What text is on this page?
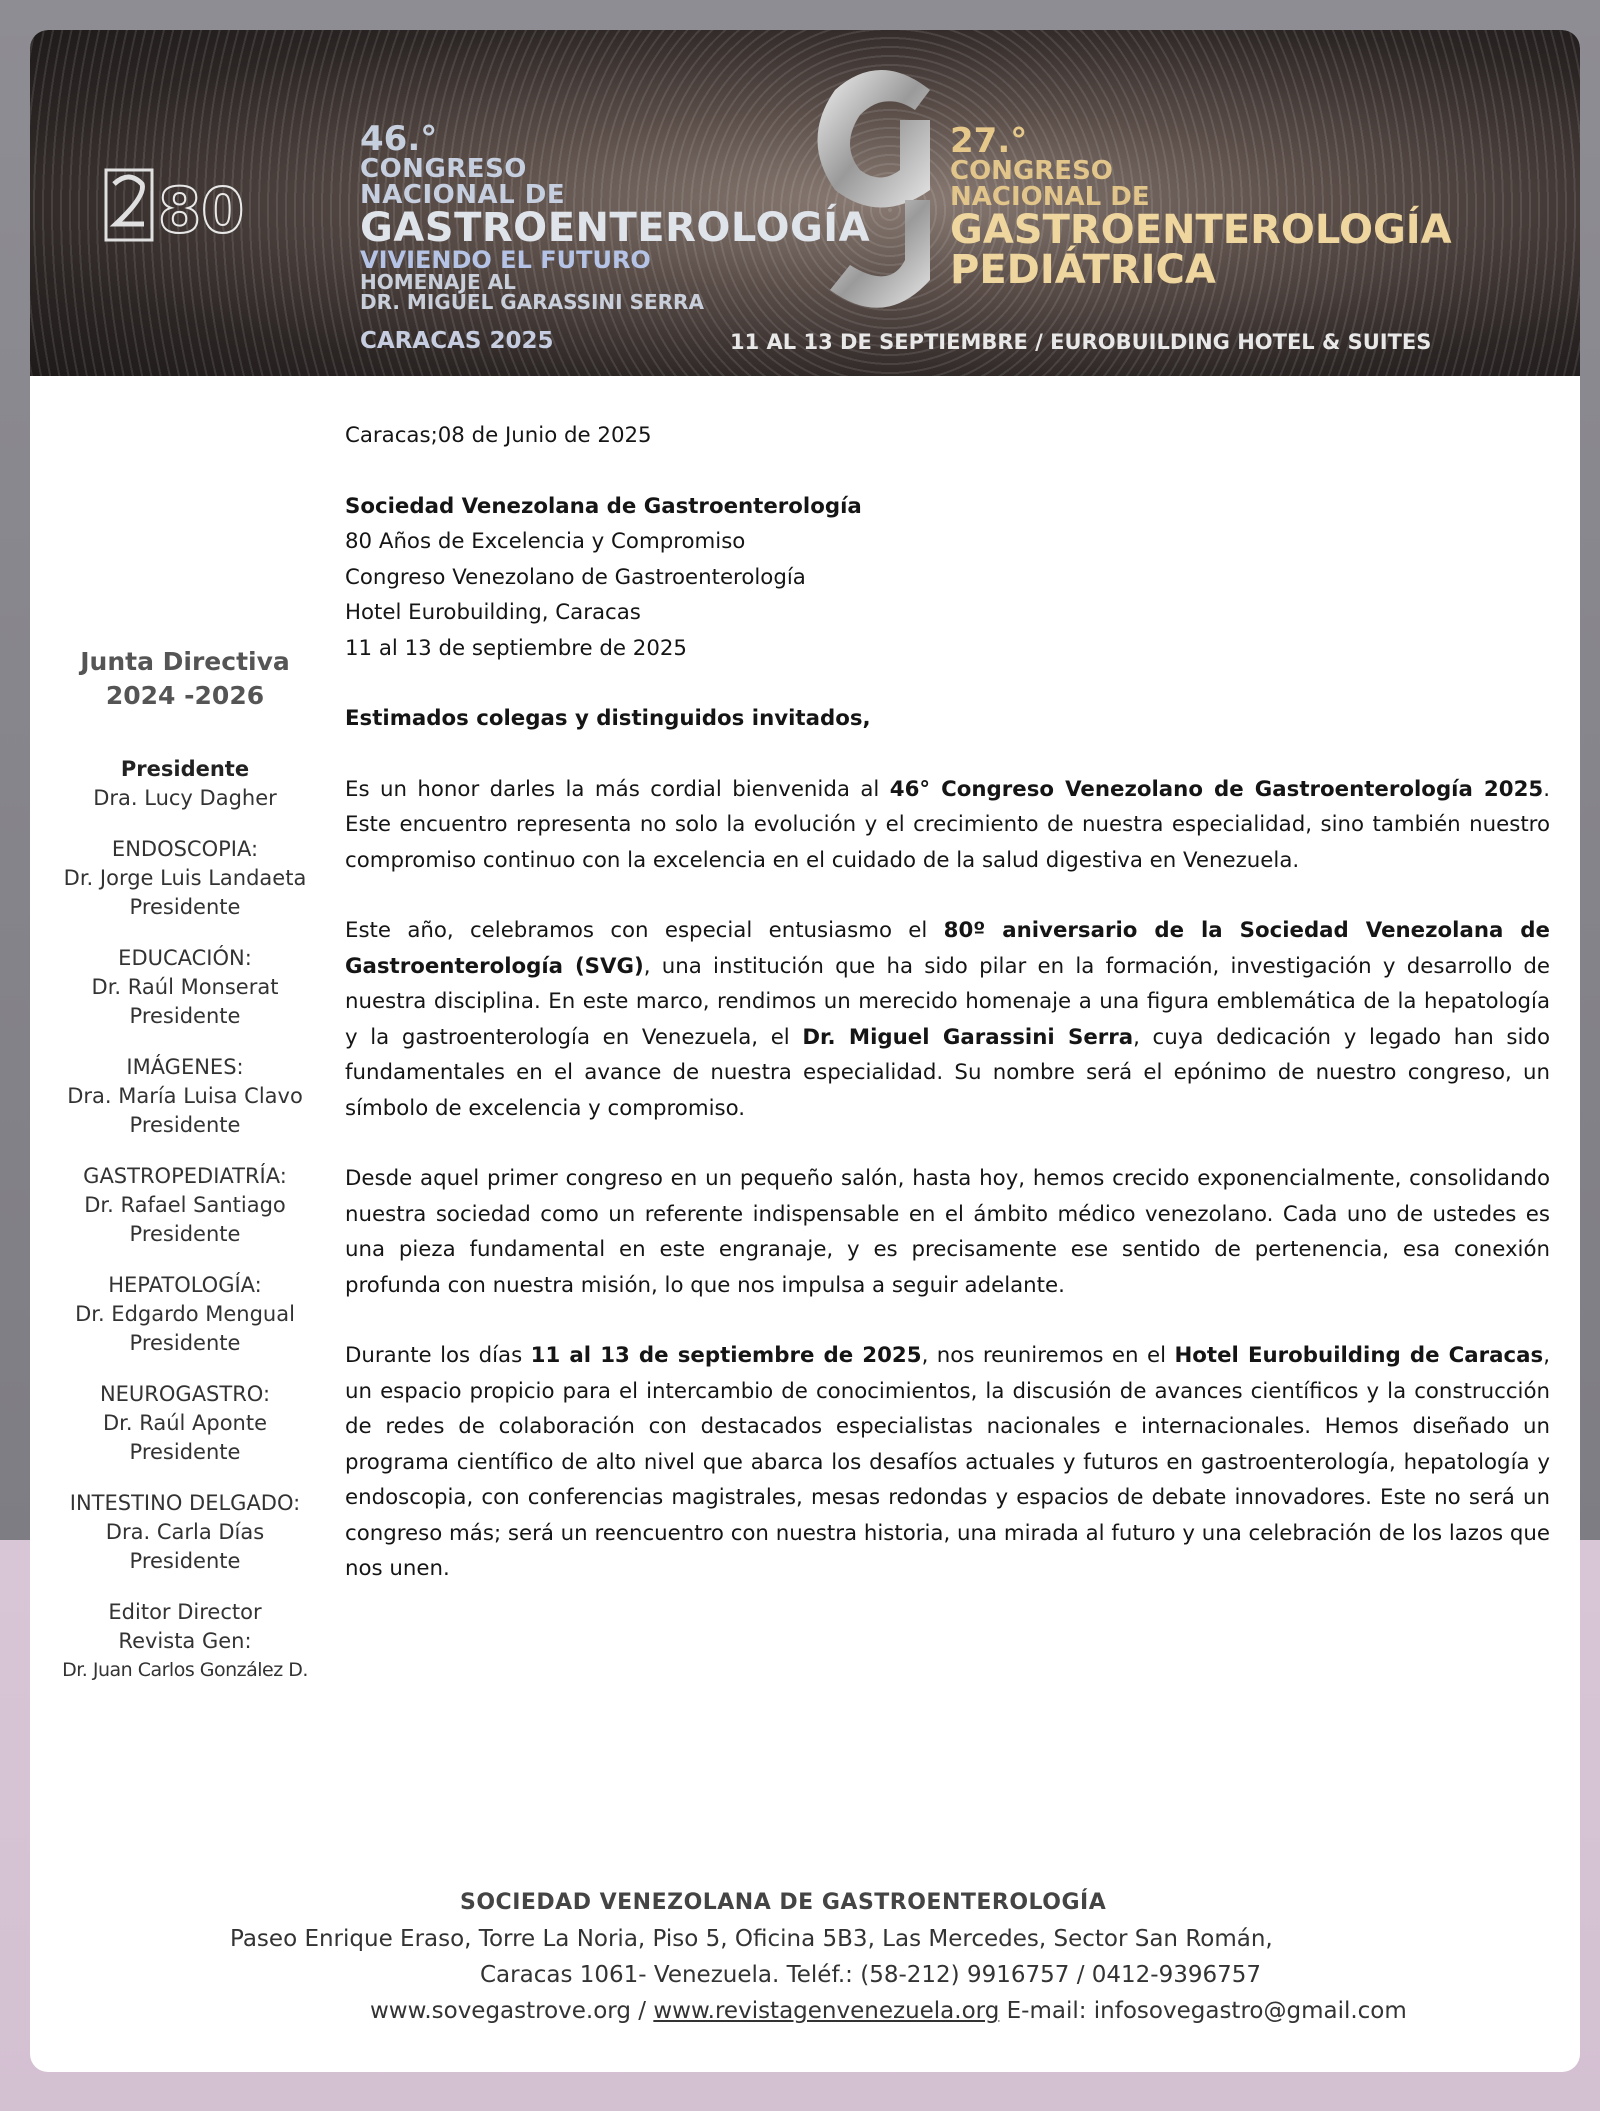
80
46.°
CONGRESO
NACIONAL DE
GASTROENTEROLOGÍA
VIVIENDO EL FUTURO
HOMENAJE AL
DR. MIGUEL GARASSINI SERRA
27.°
CONGRESO
NACIONAL DE
GASTROENTEROLOGÍA
PEDIÁTRICA
CARACAS 2025	11 AL 13 DE SEPTIEMBRE / EUROBUILDING HOTEL & SUITES
Junta Directiva
2024 -2026
Presidente
Dra. Lucy Dagher
ENDOSCOPIA:
Dr. Jorge Luis Landaeta
Presidente
EDUCACIÓN:
Dr. Raúl Monserat
Presidente
IMÁGENES:
Dra. María Luisa Clavo
Presidente
GASTROPEDIATRÍA:
Dr. Rafael Santiago
Presidente
HEPATOLOGÍA:
Dr. Edgardo Mengual
Presidente
NEUROGASTRO:
Dr. Raúl Aponte
Presidente
INTESTINO DELGADO:
Dra. Carla Días
Presidente
Editor Director
Revista Gen:
Dr. Juan Carlos González D.

Caracas;08 de Junio de 2025

Sociedad Venezolana de Gastroenterología

80 Años de Excelencia y Compromiso

Congreso Venezolano de Gastroenterología

Hotel Eurobuilding, Caracas

11 al 13 de septiembre de 2025

Estimados colegas y distinguidos invitados,

Es un honor darles la más cordial bienvenida al 46° Congreso Venezolano de Gastroenterología 2025. Este encuentro representa no solo la evolución y el crecimiento de nuestra especialidad, sino también nuestro compromiso continuo con la excelencia en el cuidado de la salud digestiva en Venezuela.

Este año, celebramos con especial entusiasmo el 80º aniversario de la Sociedad Venezolana de Gastroenterología (SVG), una institución que ha sido pilar en la formación, investigación y desarrollo de nuestra disciplina. En este marco, rendimos un merecido homenaje a una figura emblemática de la hepatología y la gastroenterología en Venezuela, el Dr. Miguel Garassini Serra, cuya dedicación y legado han sido fundamentales en el avance de nuestra especialidad. Su nombre será el epónimo de nuestro congreso, un símbolo de excelencia y compromiso.

Desde aquel primer congreso en un pequeño salón, hasta hoy, hemos crecido exponencialmente, consolidando nuestra sociedad como un referente indispensable en el ámbito médico venezolano. Cada uno de ustedes es una pieza fundamental en este engranaje, y es precisamente ese sentido de pertenencia, esa conexión profunda con nuestra misión, lo que nos impulsa a seguir adelante.

Durante los días 11 al 13 de septiembre de 2025, nos reuniremos en el Hotel Eurobuilding de Caracas, un espacio propicio para el intercambio de conocimientos, la discusión de avances científicos y la construcción de redes de colaboración con destacados especialistas nacionales e internacionales. Hemos diseñado un programa científico de alto nivel que abarca los desafíos actuales y futuros en gastroenterología, hepatología y endoscopia, con conferencias magistrales, mesas redondas y espacios de debate innovadores. Este no será un congreso más; será un reencuentro con nuestra historia, una mirada al futuro y una celebración de los lazos que nos unen.

SOCIEDAD VENEZOLANA DE GASTROENTEROLOGÍA
Paseo Enrique Eraso, Torre La Noria, Piso 5, Oficina 5B3, Las Mercedes, Sector San Román,
Caracas 1061- Venezuela. Teléf.: (58-212) 9916757 / 0412-9396757
www.sovegastrove.org / www.revistagenvenezuela.org E-mail: infosovegastro@gmail.com
